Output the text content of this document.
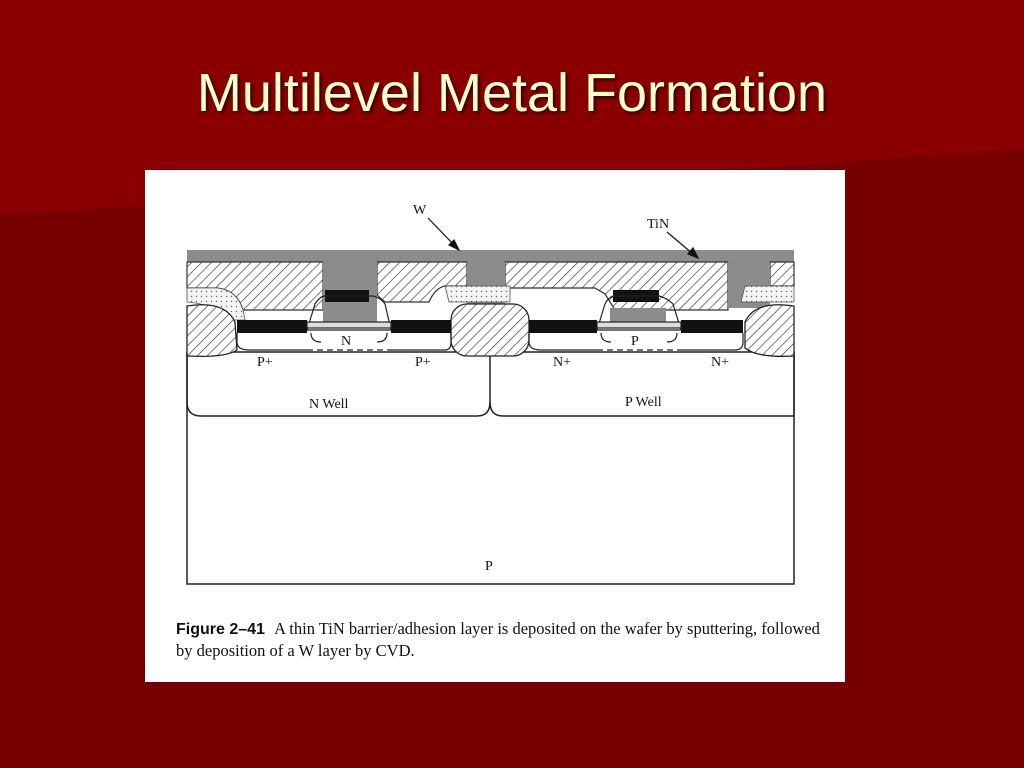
Multilevel Metal Formation
W
TiN
N	P
P+	P+	N+	N+
N Well	P Well
P
Figure 2–41 A thin TiN barrier/adhesion layer is deposited on the wafer by sputtering, followed by deposition of a W layer by CVD.
